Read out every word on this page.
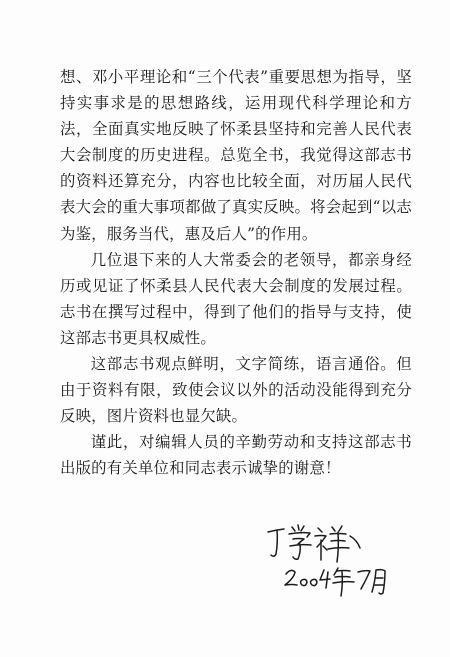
想、邓小平理论和“三个代表”重要思想为指导，坚持实事求是的思想路线，运用现代科学理论和方法，全面真实地反映了怀柔县坚持和完善人民代表大会制度的历史进程。总览全书，我觉得这部志书的资料还算充分，内容也比较全面，对历届人民代表大会的重大事项都做了真实反映。将会起到“以志为鉴，服务当代，惠及后人”的作用。

几位退下来的人大常委会的老领导，都亲身经历或见证了怀柔县人民代表大会制度的发展过程。志书在撰写过程中，得到了他们的指导与支持，使这部志书更具权威性。

这部志书观点鲜明，文字简练，语言通俗。但由于资料有限，致使会议以外的活动没能得到充分反映，图片资料也显欠缺。

谨此，对编辑人员的辛勤劳动和支持这部志书出版的有关单位和同志表示诚挚的谢意！
